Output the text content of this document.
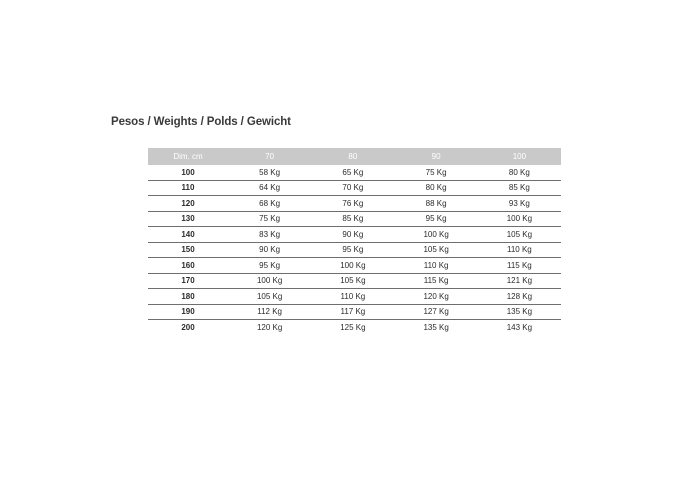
Pesos / Weights / Polds / Gewicht
Dim. cm	70	80	90	100
100	58 Kg	65 Kg	75 Kg	80 Kg
110	64 Kg	70 Kg	80 Kg	85 Kg
120	68 Kg	76 Kg	88 Kg	93 Kg
130	75 Kg	85 Kg	95 Kg	100 Kg
140	83 Kg	90 Kg	100 Kg	105 Kg
150	90 Kg	95 Kg	105 Kg	110 Kg
160	95 Kg	100 Kg	110 Kg	115 Kg
170	100 Kg	105 Kg	115 Kg	121 Kg
180	105 Kg	110 Kg	120 Kg	128 Kg
190	112 Kg	117 Kg	127 Kg	135 Kg
200	120 Kg	125 Kg	135 Kg	143 Kg
